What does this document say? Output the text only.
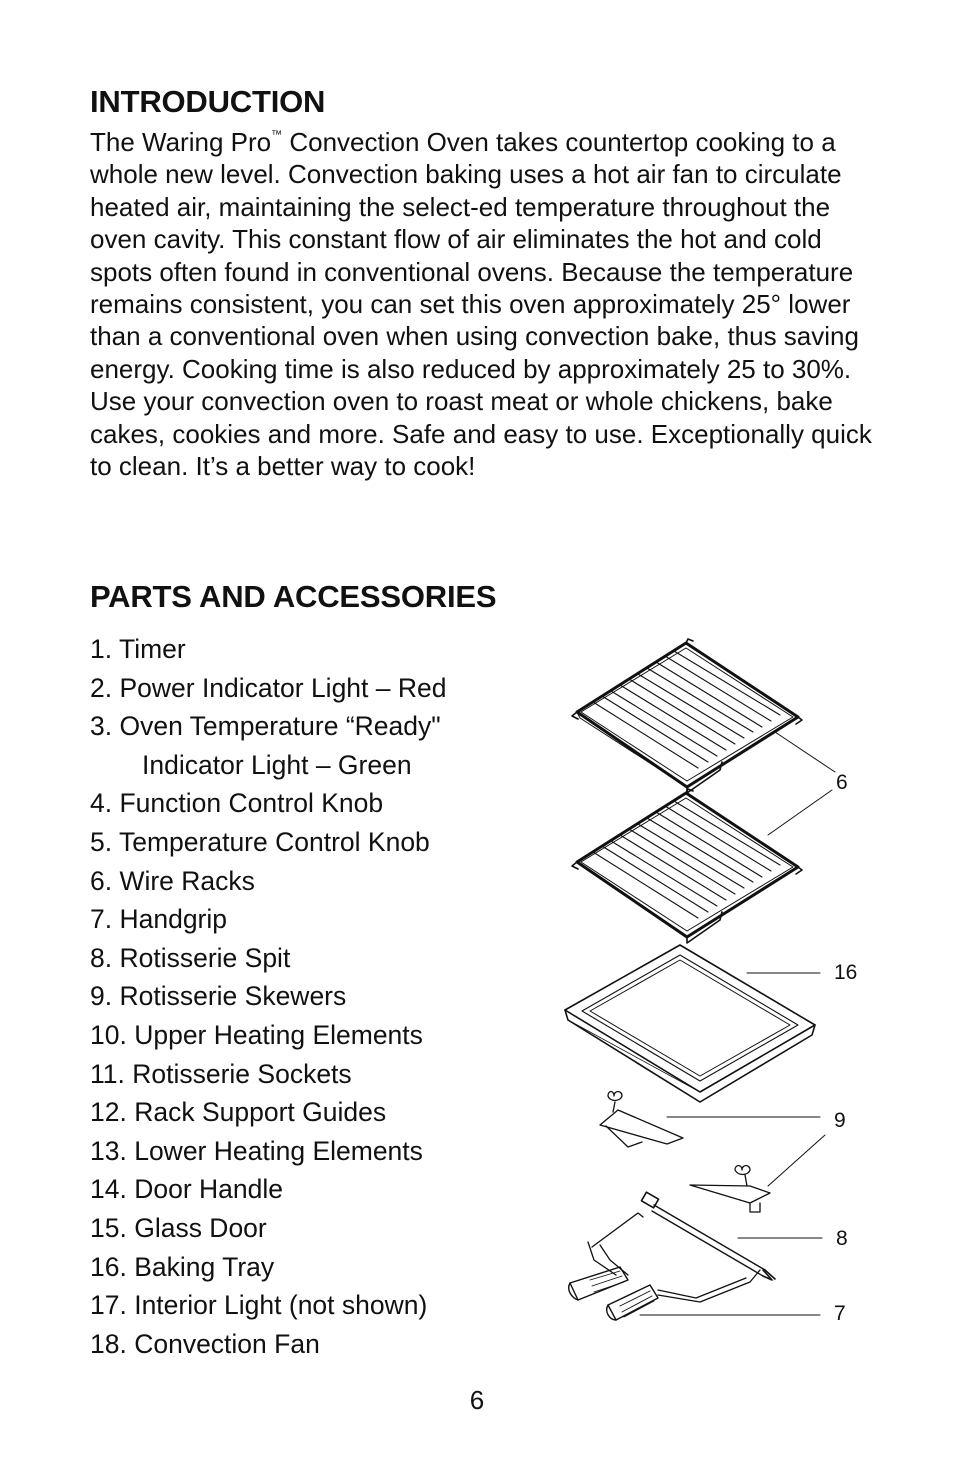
INTRODUCTION

The Waring Pro™ Convection Oven takes countertop cooking to a whole new level. Convection baking uses a hot air fan to circulate heated air, maintaining the select-ed temperature throughout the oven cavity. This constant flow of air eliminates the hot and cold spots often found in conventional ovens. Because the temperature remains consistent, you can set this oven approximately 25° lower than a conventional oven when using convection bake, thus saving energy. Cooking time is also reduced by approximately 25 to 30%. Use your convection oven to roast meat or whole chickens, bake cakes, cookies and more. Safe and easy to use. Exceptionally quick to clean. It’s a better way to cook!

PARTS AND ACCESSORIES
1. Timer
2. Power Indicator Light – Red
3. Oven Temperature “Ready"
Indicator Light – Green
4. Function Control Knob
5. Temperature Control Knob
6. Wire Racks
7. Handgrip
8. Rotisserie Spit
9. Rotisserie Skewers
10. Upper Heating Elements
11. Rotisserie Sockets
12. Rack Support Guides
13. Lower Heating Elements
14. Door Handle
15. Glass Door
16. Baking Tray
17. Interior Light (not shown)
18. Convection Fan
6
16
9
8
7
6
